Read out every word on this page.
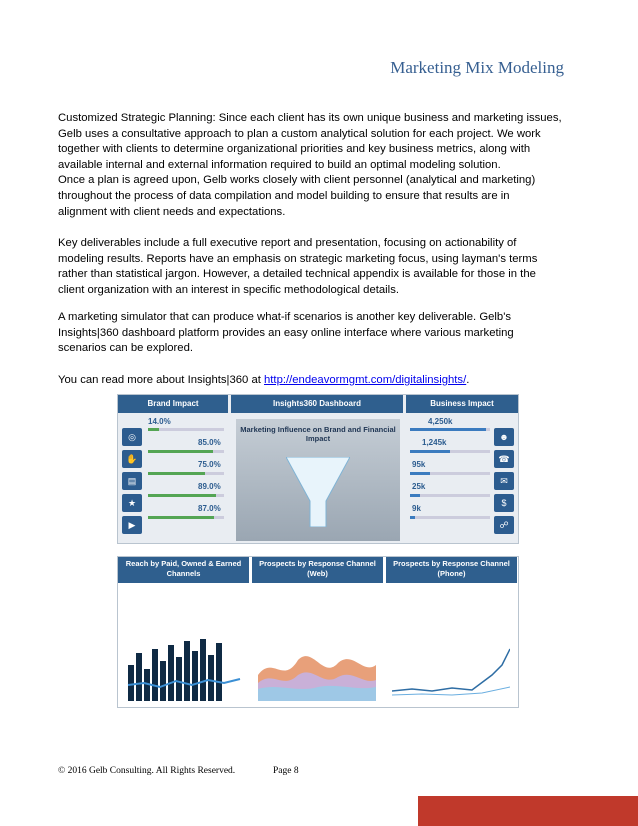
Marketing Mix Modeling

Customized Strategic Planning: Since each client has its own unique business and marketing issues,

Gelb uses a consultative approach to plan a custom analytical solution for each project. We work

together with clients to determine organizational priorities and key business metrics, along with

available internal and external information required to build an optimal modeling solution.

Once a plan is agreed upon, Gelb works closely with client personnel (analytical and marketing)

throughout the process of data compilation and model building to ensure that results are in

alignment with client needs and expectations.

Key deliverables include a full executive report and presentation, focusing on actionability of

modeling results. Reports have an emphasis on strategic marketing focus, using layman's terms

rather than statistical jargon. However, a detailed technical appendix is available for those in the

client organization with an interest in specific methodological details.

A marketing simulator that can produce what-if scenarios is another key deliverable. Gelb's

Insights|360 dashboard platform provides an easy online interface where various marketing

scenarios can be explored.

You can read more about Insights|360 at http://endeavormgmt.com/digitalinsights/.

Brand Impact	Insights360 Dashboard	Business Impact
◎
✋
▤
★
▶
14.0%
85.0%
75.0%
89.0%
87.0%
Marketing Influence on Brand and Financial Impact	☻
☎
✉
$
☍
4,250k
1,245k
95k
25k
9k
Reach by Paid, Owned & Earned Channels
Prospects by Response Channel (Web)
Prospects by Response Channel (Phone)
© 2016 Gelb Consulting. All Rights Reserved.	Page 8
